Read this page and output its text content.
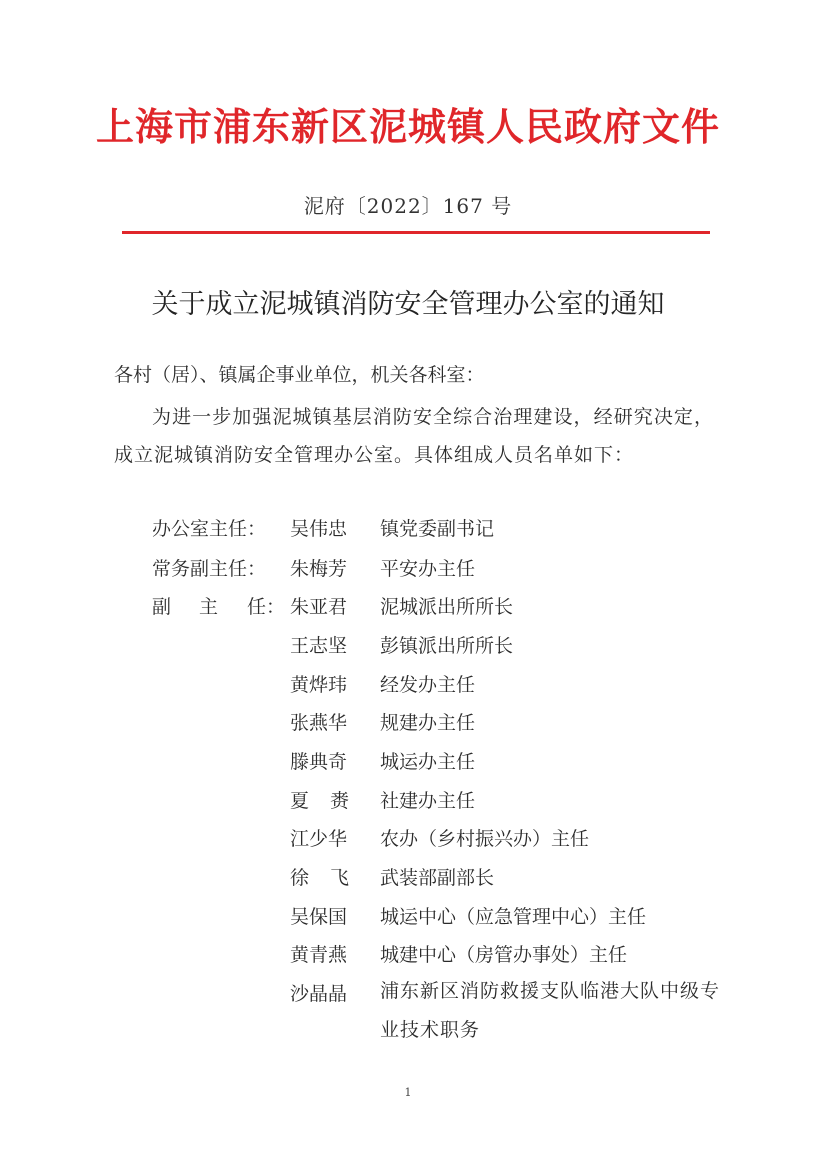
上海市浦东新区泥城镇人民政府文件
泥府〔2022〕167 号
关于成立泥城镇消防安全管理办公室的通知
各村（居）、镇属企事业单位，机关各科室：
为进一步加强泥城镇基层消防安全综合治理建设，经研究决定，成立泥城镇消防安全管理办公室。具体组成人员名单如下：
办公室主任：	吴伟忠 镇党委副书记
常务副主任：	朱梅芳 平安办主任
副 主 任： 朱亚君 泥城派出所所长
王志坚 彭镇派出所所长
黄烨玮 经发办主任
张燕华 规建办主任
滕典奇 城运办主任
夏 赉 社建办主任
江少华 农办（乡村振兴办）主任
徐 飞 武装部副部长
吴保国 城运中心（应急管理中心）主任
黄青燕 城建中心（房管办事处）主任
沙晶晶 浦东新区消防救援支队临港大队中级专业技术职务
1
